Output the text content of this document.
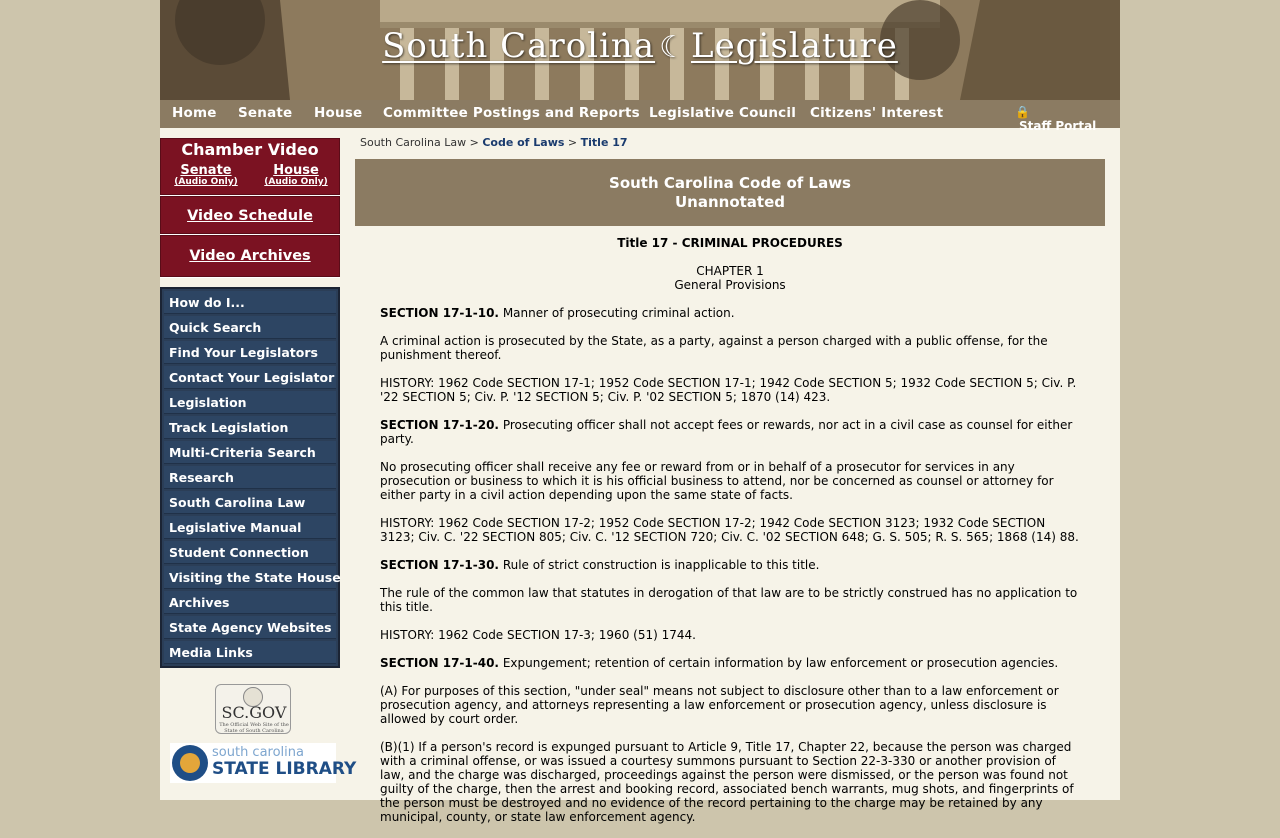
South Carolina ☾ Legislature
Home Senate House Committee Postings and Reports Legislative Council Citizens' Interest	🔒
Staff Portal
Chamber Video
Senate
(Audio Only)
House
(Audio Only)
Video Schedule
Video Archives
How do I...
Quick Search
Find Your Legislators
Contact Your Legislator
Legislation
Track Legislation
Multi-Criteria Search
Research
South Carolina Law
Legislative Manual
Student Connection
Visiting the State House
Archives
State Agency Websites
Media Links
SC.GOV
The Official Web Site of the State of South Carolina
south carolina
STATE LIBRARY
South Carolina Law > Code of Laws > Title 17
South Carolina Code of Laws
Unannotated

Title 17 - CRIMINAL PROCEDURES

CHAPTER 1
General Provisions

SECTION 17-1-10. Manner of prosecuting criminal action.

A criminal action is prosecuted by the State, as a party, against a person charged with a public offense, for the punishment thereof.

HISTORY: 1962 Code SECTION 17-1; 1952 Code SECTION 17-1; 1942 Code SECTION 5; 1932 Code SECTION 5; Civ. P. '22 SECTION 5; Civ. P. '12 SECTION 5; Civ. P. '02 SECTION 5; 1870 (14) 423.

SECTION 17-1-20. Prosecuting officer shall not accept fees or rewards, nor act in a civil case as counsel for either party.

No prosecuting officer shall receive any fee or reward from or in behalf of a prosecutor for services in any prosecution or business to which it is his official business to attend, nor be concerned as counsel or attorney for either party in a civil action depending upon the same state of facts.

HISTORY: 1962 Code SECTION 17-2; 1952 Code SECTION 17-2; 1942 Code SECTION 3123; 1932 Code SECTION 3123; Civ. C. '22 SECTION 805; Civ. C. '12 SECTION 720; Civ. C. '02 SECTION 648; G. S. 505; R. S. 565; 1868 (14) 88.

SECTION 17-1-30. Rule of strict construction is inapplicable to this title.

The rule of the common law that statutes in derogation of that law are to be strictly construed has no application to this title.

HISTORY: 1962 Code SECTION 17-3; 1960 (51) 1744.

SECTION 17-1-40. Expungement; retention of certain information by law enforcement or prosecution agencies.

(A) For purposes of this section, "under seal" means not subject to disclosure other than to a law enforcement or prosecution agency, and attorneys representing a law enforcement or prosecution agency, unless disclosure is allowed by court order.

(B)(1) If a person's record is expunged pursuant to Article 9, Title 17, Chapter 22, because the person was charged with a criminal offense, or was issued a courtesy summons pursuant to Section 22-3-330 or another provision of law, and the charge was discharged, proceedings against the person were dismissed, or the person was found not guilty of the charge, then the arrest and booking record, associated bench warrants, mug shots, and fingerprints of the person must be destroyed and no evidence of the record pertaining to the charge may be retained by any municipal, county, or state law enforcement agency.
